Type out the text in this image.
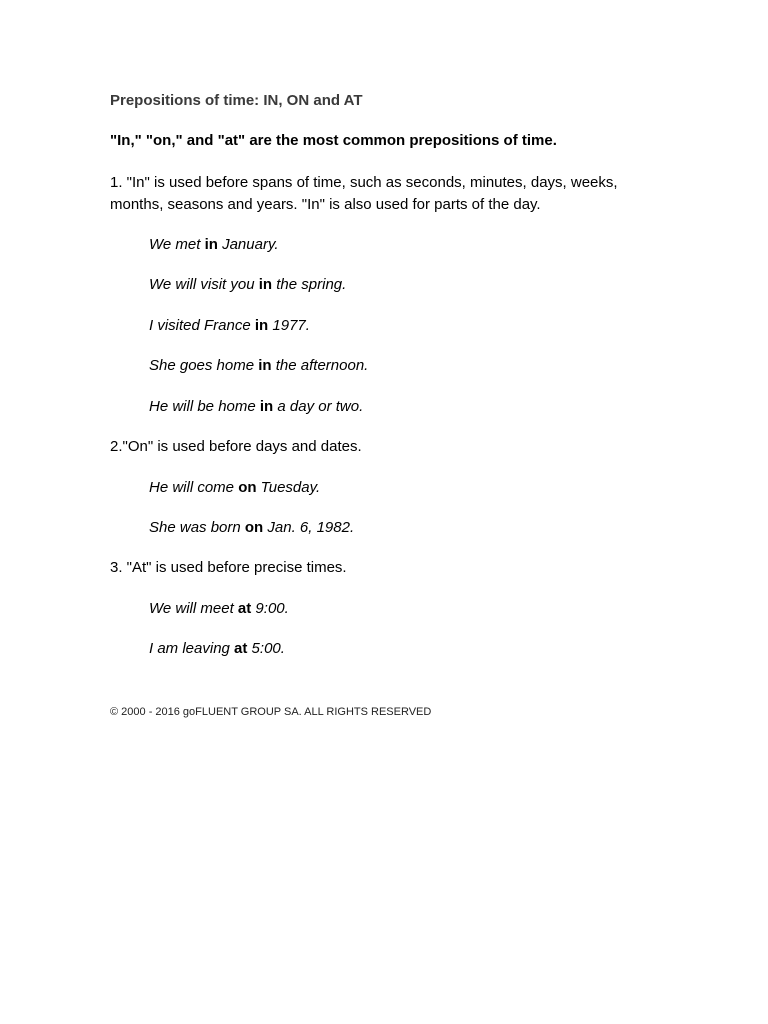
Prepositions of time: IN, ON and AT
"In," "on," and "at" are the most common prepositions of time.
1. "In" is used before spans of time, such as seconds, minutes, days, weeks, months, seasons and years. "In" is also used for parts of the day.
We met in January.
We will visit you in the spring.
I visited France in 1977.
She goes home in the afternoon.
He will be home in a day or two.
2."On" is used before days and dates.
He will come on Tuesday.
She was born on Jan. 6, 1982.
3. "At" is used before precise times.
We will meet at 9:00.
I am leaving at 5:00.
© 2000 - 2016 goFLUENT GROUP SA. ALL RIGHTS RESERVED
